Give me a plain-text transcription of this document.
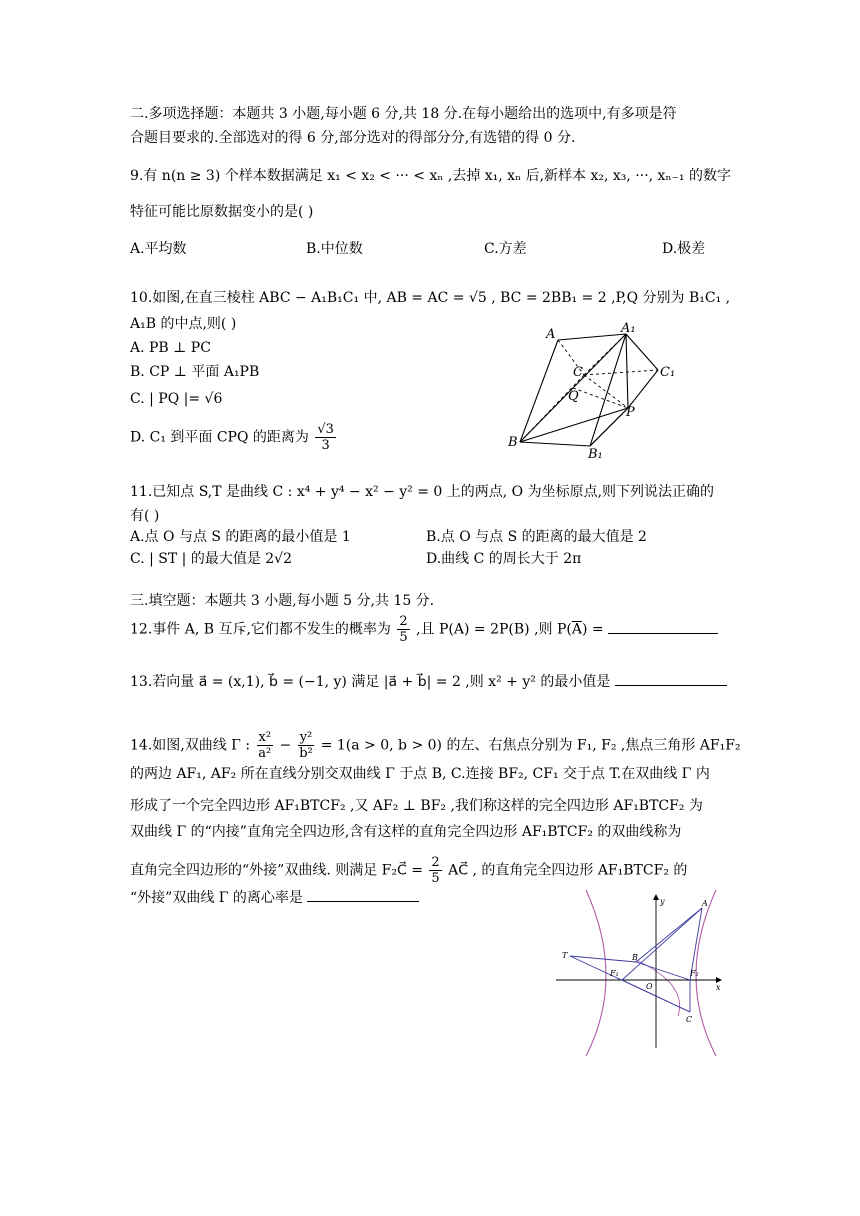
二.多项选择题：本题共 3 小题,每小题 6 分,共 18 分.在每小题给出的选项中,有多项是符
合题目要求的.全部选对的得 6 分,部分选对的得部分分,有选错的得 0 分.
9.有 n(n ≥ 3) 个样本数据满足 x₁ < x₂ < ··· < xₙ ,去掉 x₁, xₙ 后,新样本 x₂, x₃, ···, xₙ₋₁ 的数字
特征可能比原数据变小的是( )
A.平均数	B.中位数	C.方差	D.极差
10.如图,在直三棱柱 ABC − A₁B₁C₁ 中, AB = AC = √5 , BC = 2BB₁ = 2 ,P,Q 分别为 B₁C₁ ,
A₁B 的中点,则( )
A. PB ⊥ PC
B. CP ⊥ 平面 A₁PB
C. | PQ |= √6
D. C₁ 到平面 CPQ 的距离为 $\frac{√3}{3}$
A	A₁
C	C₁
Q
P
B
B₁
11.已知点 S,T 是曲线 C : x⁴ + y⁴ − x² − y² = 0 上的两点, O 为坐标原点,则下列说法正确的
有( )
A.点 O 与点 S 的距离的最小值是 1	B.点 O 与点 S 的距离的最大值是 2
C. | ST | 的最大值是 2√2	D.曲线 C 的周长大于 2π
三.填空题：本题共 3 小题,每小题 5 分,共 15 分.
12.事件 A, B 互斥,它们都不发生的概率为 $\frac{2}{5}$ ,且 P(A) = 2P(B) ,则 $P(\overline{A})$ =
13.若向量 a⃗ = (x,1), b⃗ = (−1, y) 满足 |a⃗ + b⃗| = 2 ,则 x² + y² 的最小值是
14.如图,双曲线 Γ : $\frac{\text{x²}}{\text{a²}} - \frac{\text{y²}}{\text{b²}} = 1(a > 0$, b > 0) 的左、右焦点分别为 F₁, F₂ ,焦点三角形 AF₁F₂
的两边 AF₁, AF₂ 所在直线分别交双曲线 Γ 于点 B, C.连接 BF₂, CF₁ 交于点 T.在双曲线 Γ 内
形成了一个完全四边形 AF₁BTCF₂ ,又 AF₂ ⊥ BF₂ ,我们称这样的完全四边形 AF₁BTCF₂ 为
双曲线 Γ 的“内接”直角完全四边形,含有这样的直角完全四边形 AF₁BTCF₂ 的双曲线称为
直角完全四边形的“外接”双曲线. 则满足 F₂C⃗ = $\frac{2}{5}$ AC⃗ , 的直角完全四边形 AF₁BTCF₂ 的
“外接”双曲线 Γ 的离心率是	y
x
A
T	B
F₁	F₂
O
C
